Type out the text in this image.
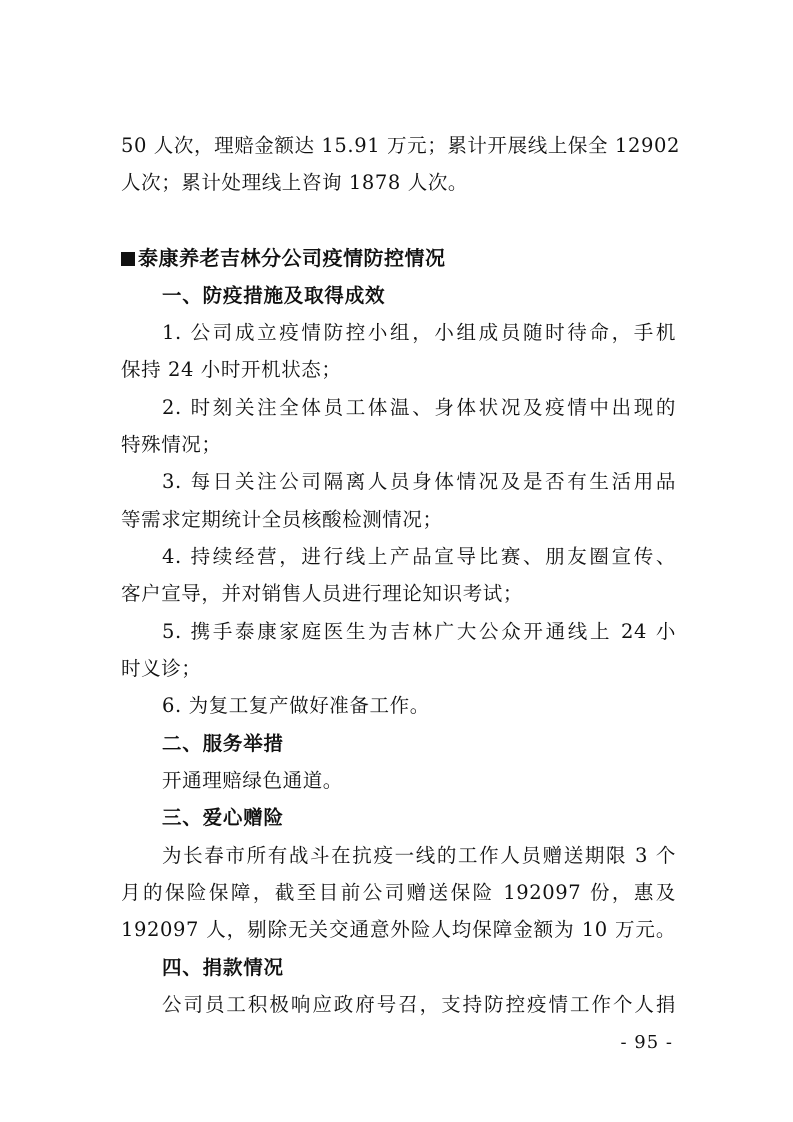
50 人次，理赔金额达 15.91 万元；累计开展线上保全 12902
人次；累计处理线上咨询 1878 人次。
泰康养老吉林分公司疫情防控情况
一、防疫措施及取得成效
1. 公司成立疫情防控小组，小组成员随时待命，手机
保持 24 小时开机状态；
2. 时刻关注全体员工体温、身体状况及疫情中出现的
特殊情况；
3. 每日关注公司隔离人员身体情况及是否有生活用品
等需求定期统计全员核酸检测情况；
4. 持续经营，进行线上产品宣导比赛、朋友圈宣传、
客户宣导，并对销售人员进行理论知识考试；
5. 携手泰康家庭医生为吉林广大公众开通线上 24 小
时义诊；
6. 为复工复产做好准备工作。
二、服务举措
开通理赔绿色通道。
三、爱心赠险
为长春市所有战斗在抗疫一线的工作人员赠送期限 3 个
月的保险保障，截至目前公司赠送保险 192097 份，惠及
192097 人，剔除无关交通意外险人均保障金额为 10 万元。
四、捐款情况
公司员工积极响应政府号召，支持防控疫情工作个人捐
- 95 -
